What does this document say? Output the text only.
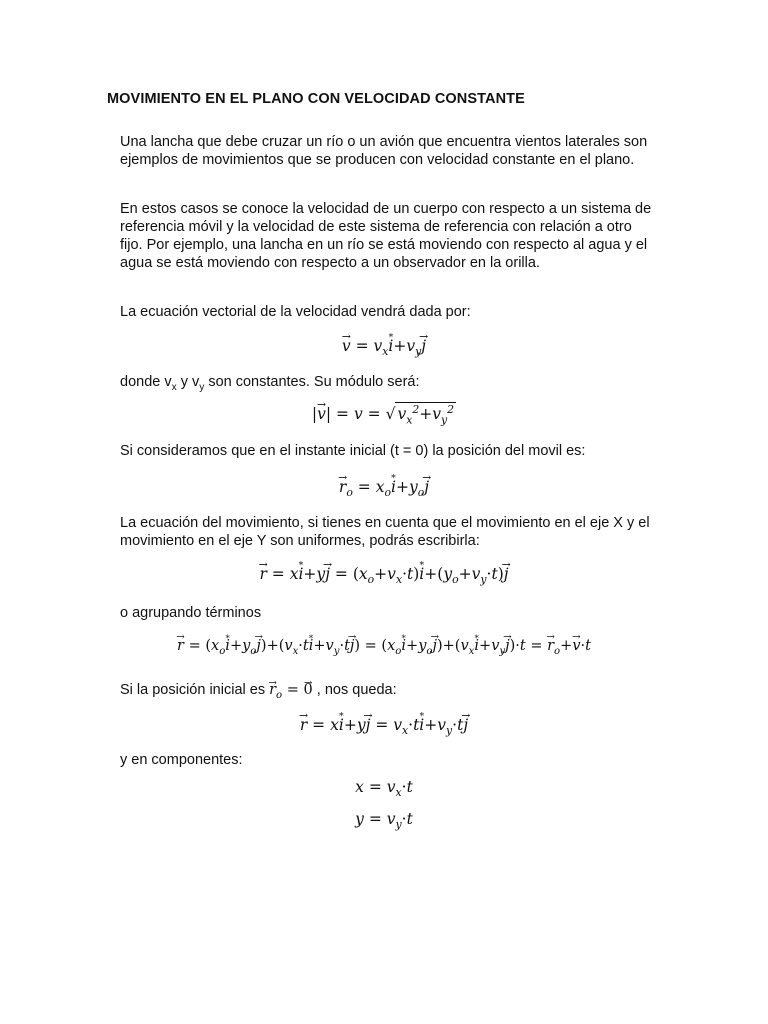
MOVIMIENTO EN EL PLANO CON VELOCIDAD CONSTANTE

Una lancha que debe cruzar un río o un avión que encuentra vientos laterales son ejemplos de movimientos que se producen con velocidad constante en el plano.

En estos casos se conoce la velocidad de un cuerpo con respecto a un sistema de referencia móvil y la velocidad de este sistema de referencia con relación a otro fijo. Por ejemplo, una lancha en un río se está moviendo con respecto al agua y el agua se está moviendo con respecto a un observador en la orilla.

La ecuación vectorial de la velocidad vendrá dada por:

→ $v = v_x*$ $i+v_y\to j$

donde $v_x$ y $v_y$ son constantes. Su módulo será:

|→ v| = v = √ $v_x^2+v_y^2$

Si consideramos que en el instante inicial (t = 0) la posición del movil es:

→ $r_o = x_o*$ $i+y_o\to j$

La ecuación del movimiento, si tienes en cuenta que el movimiento en el eje X y el movimiento en el eje Y son uniformes, podrás escribirla:

→ r = x* $i+y\to j = (x_o+v_x\cdot t)*$ $i+(y_o+v_y\cdot t)\to j$

o agrupando términos

→ $r = (x_o*$ $i+y_o\to j)+(v_x\cdot t*$ $i+v_y\cdot t\to j) = (x_o*$ $i+y_o\to j)+(v_x*$ $i+v_y\to j)\cdot t$ = → $r_o+\to v\cdot t$

Si la posición inicial es → $r_o$ = → 0 , nos queda:

→ r = x* $i+y\to j = v_x\cdot t*$ $i+v_y\cdot t\to j$

y en componentes:

$x = v_x\cdot t$
$y = v_y\cdot t$
